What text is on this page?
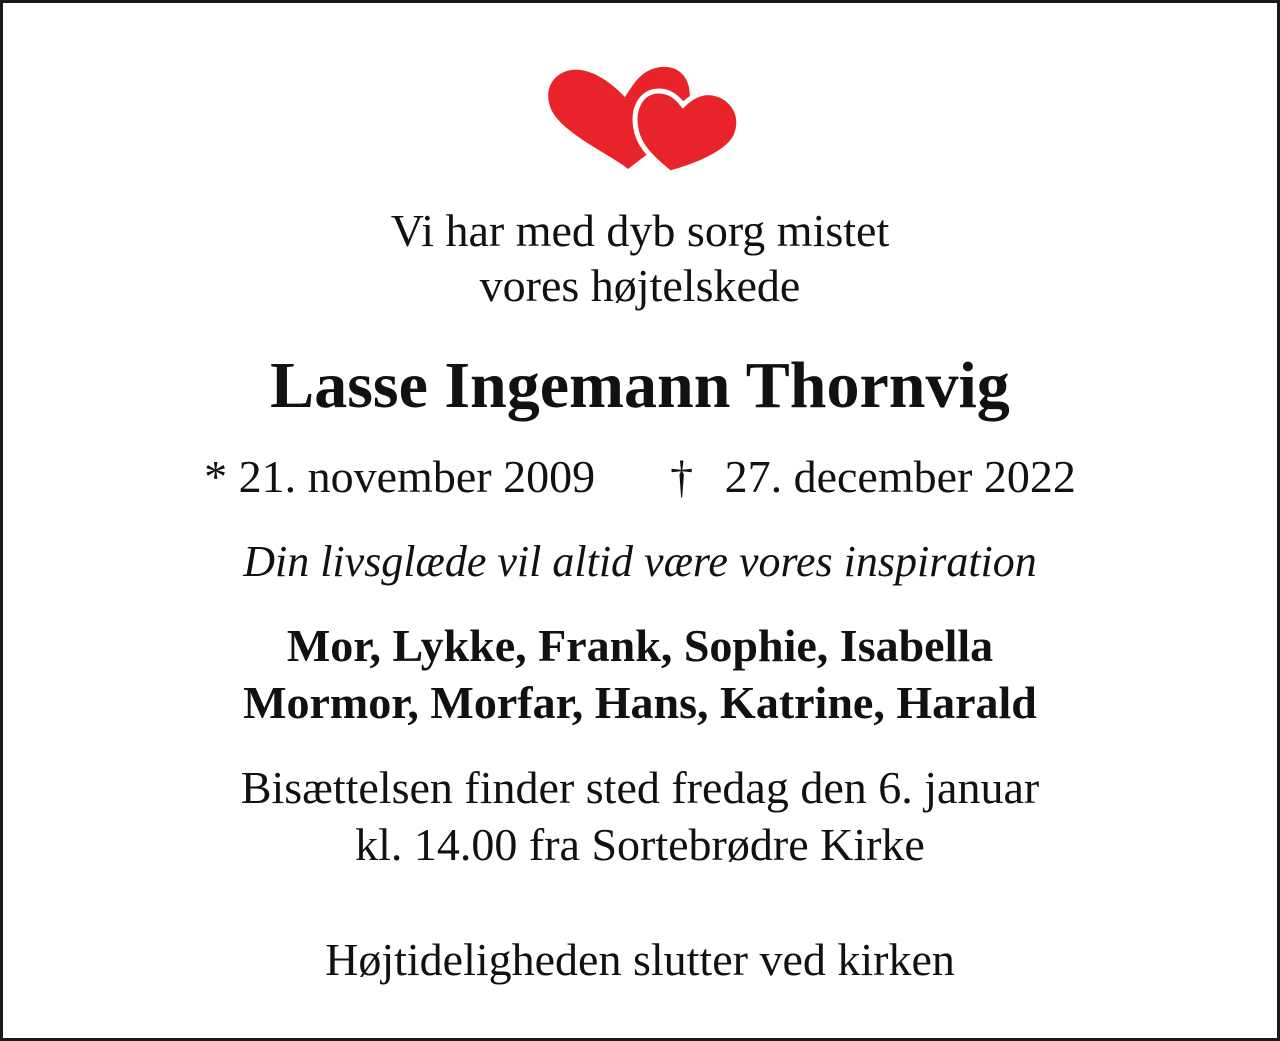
Vi har med dyb sorg mistet
vores højtelskede
Lasse Ingemann Thornvig
* 21. november 2009 † 27. december 2022
Din livsglæde vil altid være vores inspiration
Mor, Lykke, Frank, Sophie, Isabella
Mormor, Morfar, Hans, Katrine, Harald
Bisættelsen finder sted fredag den 6. januar
kl. 14.00 fra Sortebrødre Kirke
Højtideligheden slutter ved kirken
